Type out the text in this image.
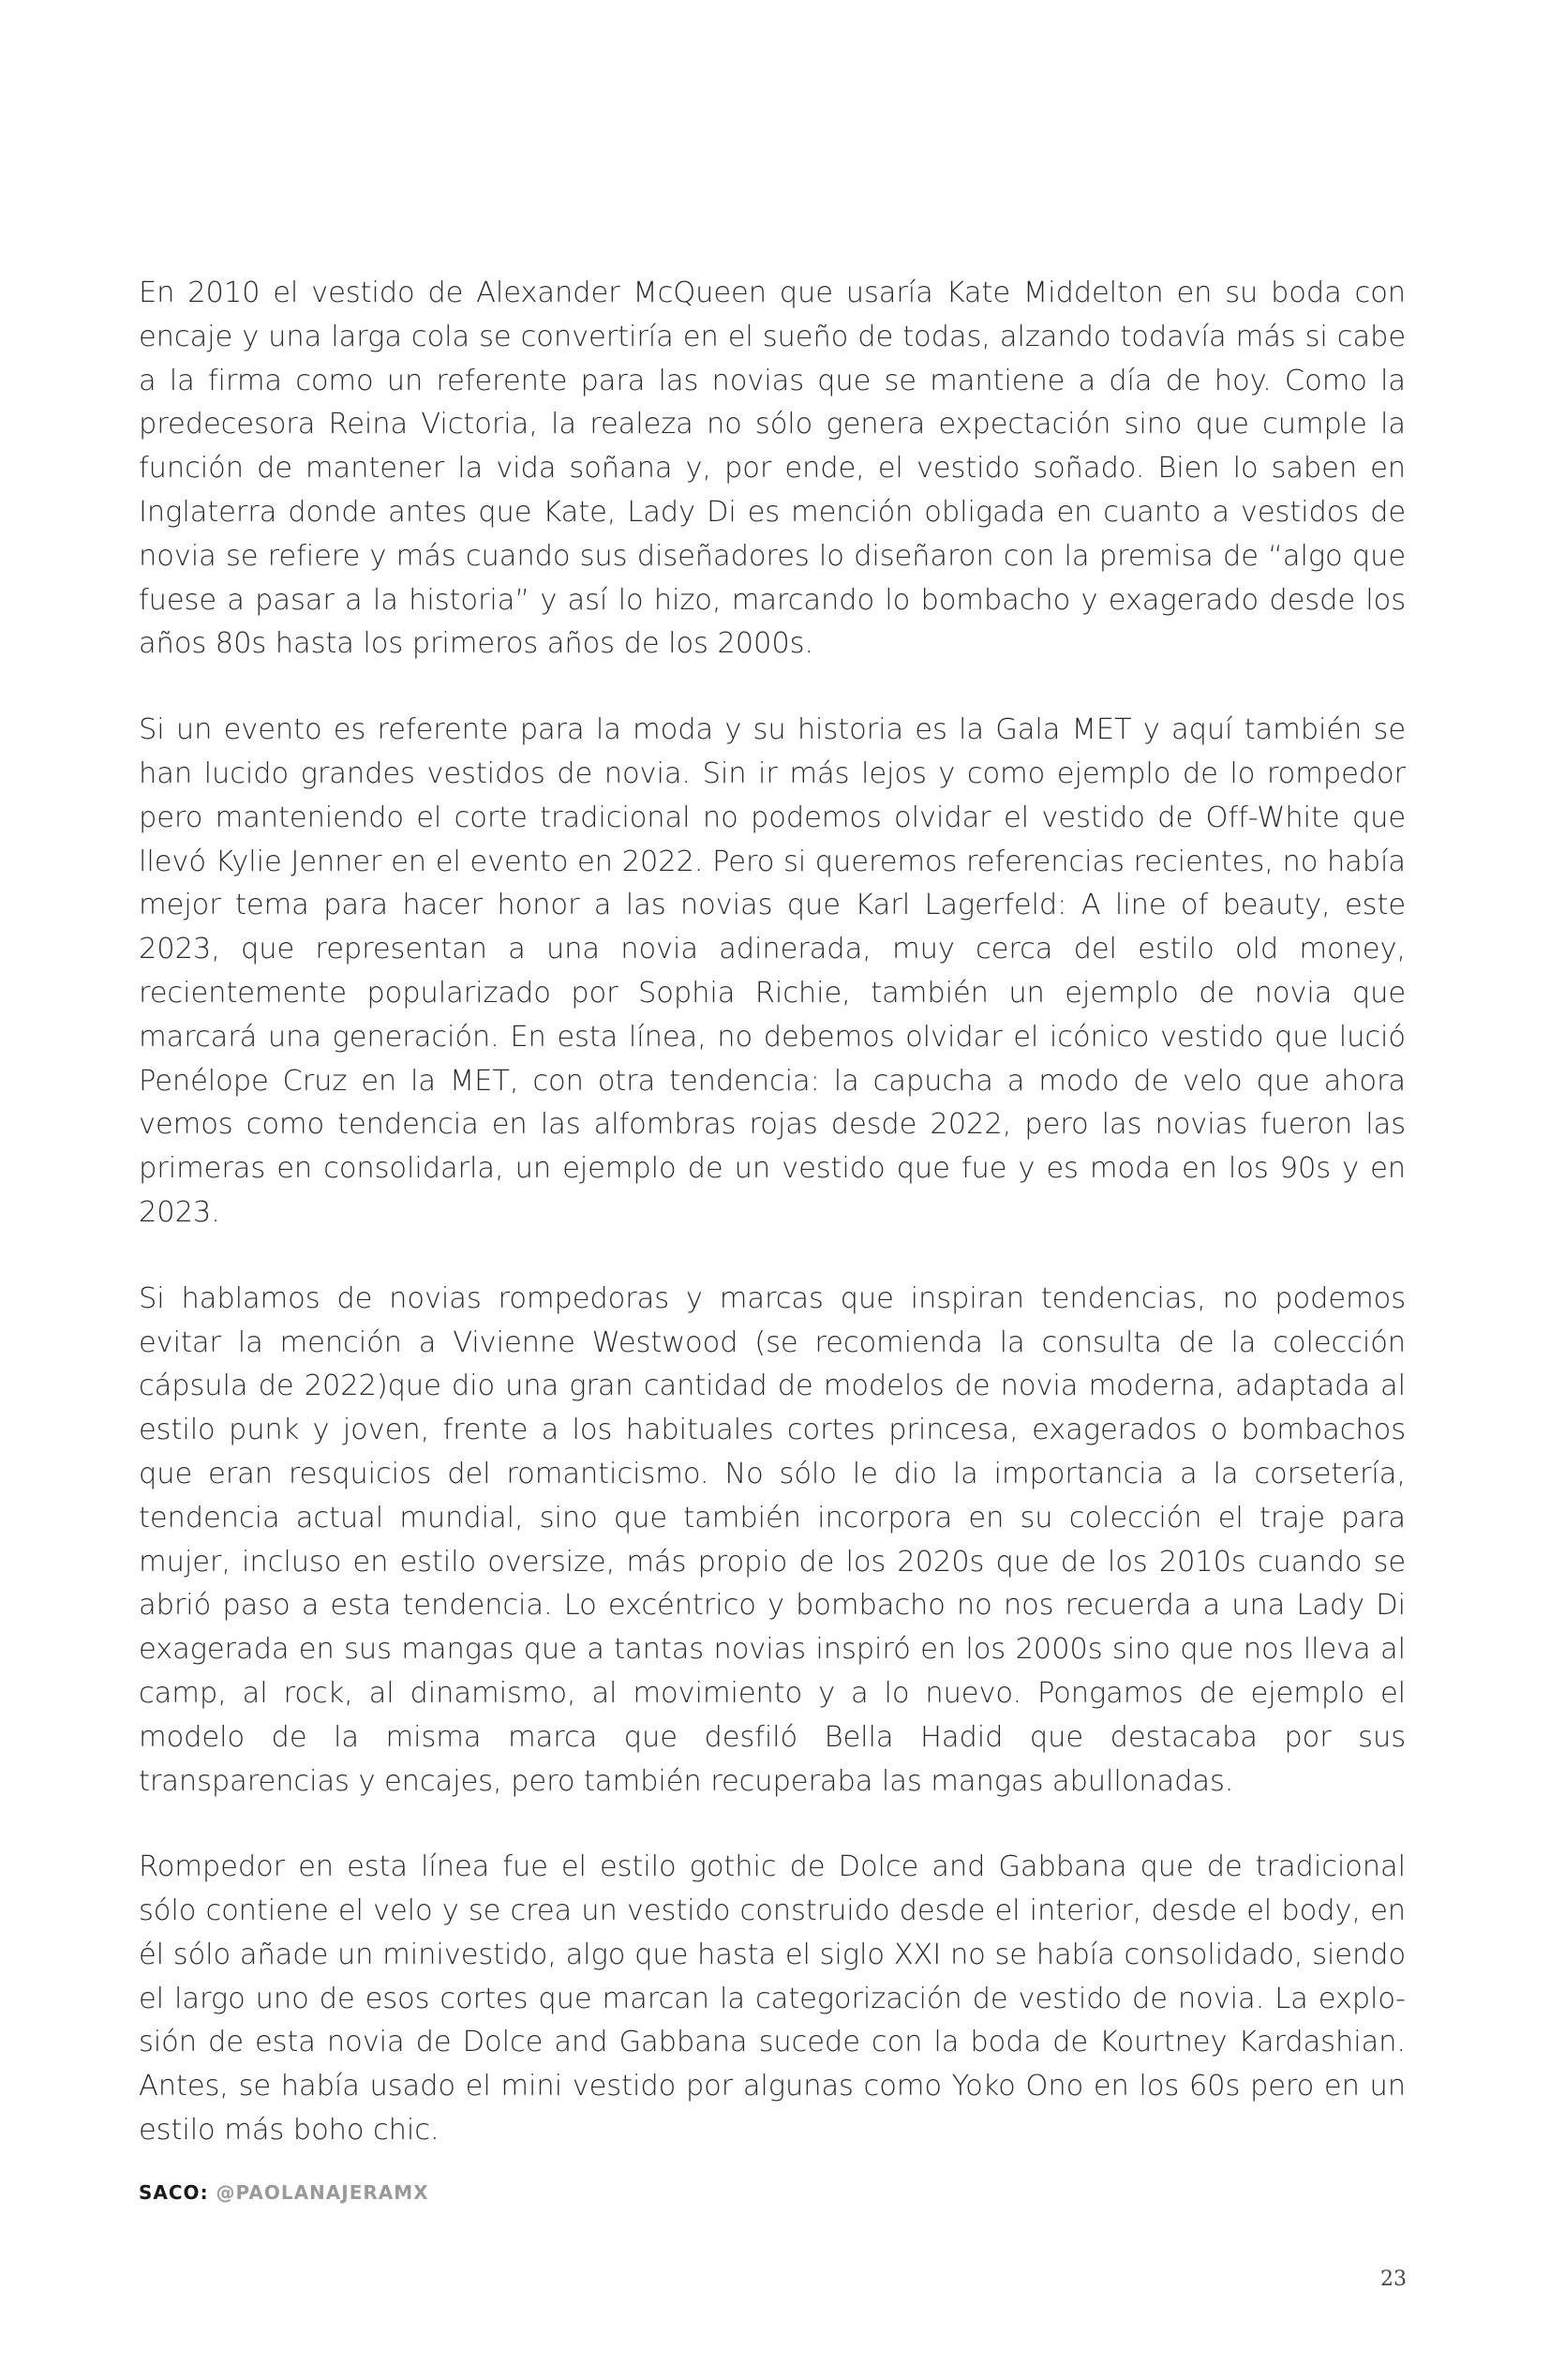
En 2010 el vestido de Alexander McQueen que usaría Kate Middelton en su boda con encaje y una larga cola se convertiría en el sueño de todas, alzando todavía más si cabe a la firma como un referente para las novias que se mantiene a día de hoy. Como la predecesora Reina Victoria, la realeza no sólo genera expectación sino que cumple la función de mantener la vida soñana y, por ende, el vestido soñado. Bien lo saben en Inglaterra donde antes que Kate, Lady Di es mención obligada en cuanto a vestidos de novia se refiere y más cuando sus diseñadores lo diseñaron con la premisa de “algo que fuese a pasar a la historia” y así lo hizo, marcando lo bombacho y exagerado desde los años 80s hasta los primeros años de los 2000s.

Si un evento es referente para la moda y su historia es la Gala MET y aquí también se han lucido grandes vestidos de novia. Sin ir más lejos y como ejemplo de lo rompedor pero manteniendo el corte tradicional no podemos olvidar el vestido de Off-White que llevó Kylie Jenner en el evento en 2022. Pero si queremos referencias recientes, no había mejor tema para hacer honor a las novias que Karl Lagerfeld: A line of beauty, este 2023, que representan a una novia adinerada, muy cerca del estilo old money, recientemente popularizado por Sophia Richie, también un ejemplo de novia que marcará una generación. En esta línea, no debemos olvidar el icónico vestido que lució Penélope Cruz en la MET, con otra tendencia: la capucha a modo de velo que ahora vemos como tendencia en las alfombras rojas desde 2022, pero las novias fueron las primeras en consolidarla, un ejemplo de un vestido que fue y es moda en los 90s y en 2023.

Si hablamos de novias rompedoras y marcas que inspiran tendencias, no podemos evitar la mención a Vivienne Westwood (se recomienda la consulta de la colección cápsula de 2022)que dio una gran cantidad de modelos de novia moderna, adaptada al estilo punk y joven, frente a los habituales cortes princesa, exagerados o bombachos que eran resquicios del romanticismo. No sólo le dio la importancia a la corsetería, tendencia actual mundial, sino que también incorpora en su colección el traje para mujer, incluso en estilo oversize, más propio de los 2020s que de los 2010s cuando se abrió paso a esta tendencia. Lo excéntrico y bombacho no nos recuerda a una Lady Di exagerada en sus mangas que a tantas novias inspiró en los 2000s sino que nos lleva al camp, al rock, al dinamismo, al movimiento y a lo nuevo. Pongamos de ejemplo el modelo de la misma marca que desfiló Bella Hadid que destacaba por sus transparencias y encajes, pero también recuperaba las mangas abullonadas.

Rompedor en esta línea fue el estilo gothic de Dolce and Gabbana que de tradicional sólo contiene el velo y se crea un vestido construido desde el interior, desde el body, en él sólo añade un minivestido, algo que hasta el siglo XXI no se había consolidado, siendo el largo uno de esos cortes que marcan la categorización de vestido de novia. La explosión de esta novia de Dolce and Gabbana sucede con la boda de Kourtney Kardashian. Antes, se había usado el mini vestido por algunas como Yoko Ono en los 60s pero en un estilo más boho chic.

SACO: @PAOLANAJERAMX
23
